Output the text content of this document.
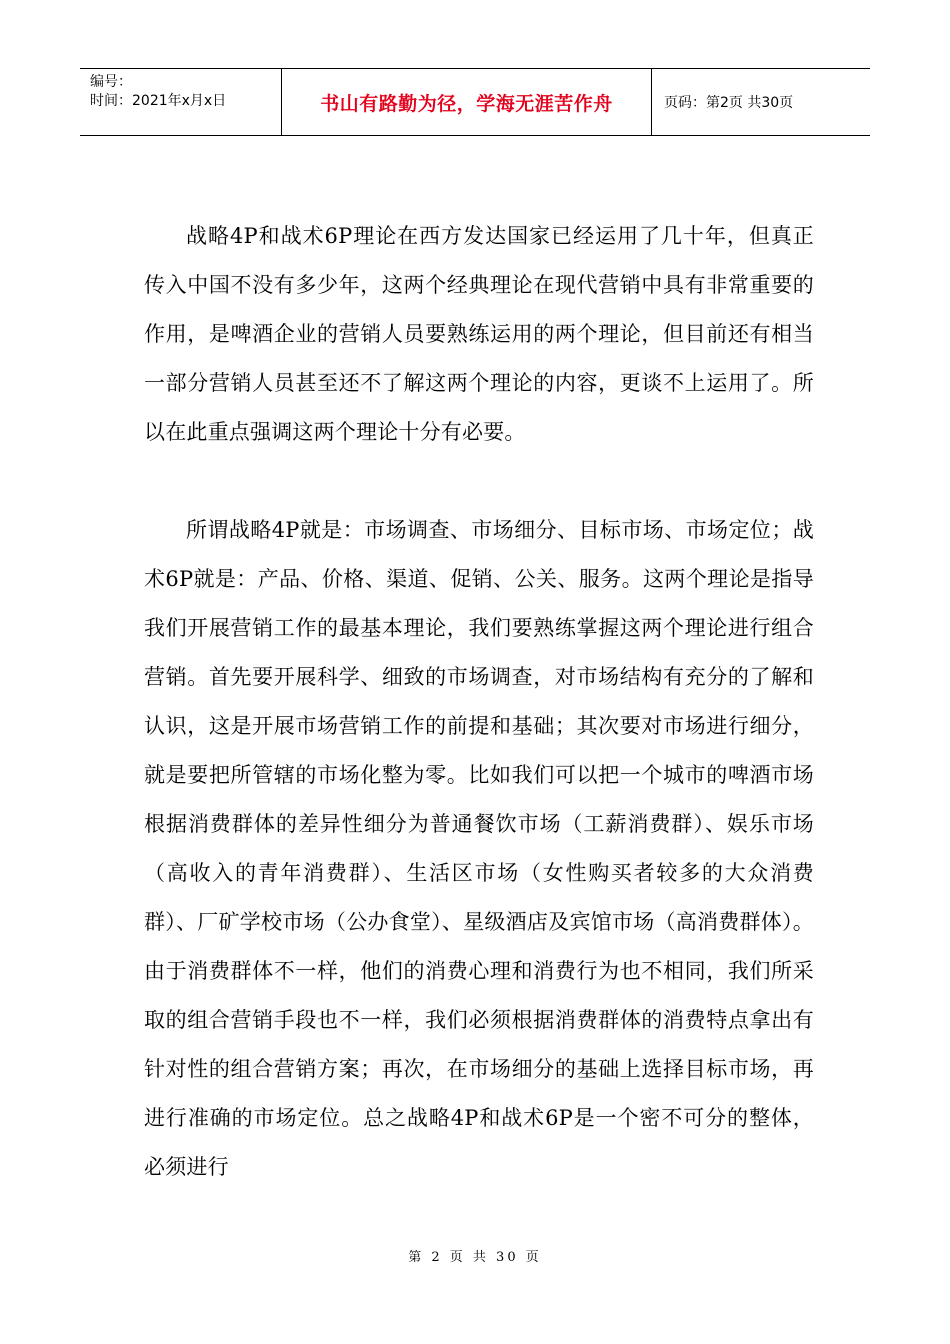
编号：
时间：2021年x月x日	书山有路勤为径，学海无涯苦作舟	页码：第2页 共30页

战略4P和战术6P理论在西方发达国家已经运用了几十年，但真正传入中国不没有多少年，这两个经典理论在现代营销中具有非常重要的作用，是啤酒企业的营销人员要熟练运用的两个理论，但目前还有相当一部分营销人员甚至还不了解这两个理论的内容，更谈不上运用了。所以在此重点强调这两个理论十分有必要。

所谓战略4P就是：市场调查、市场细分、目标市场、市场定位；战术6P就是：产品、价格、渠道、促销、公关、服务。这两个理论是指导我们开展营销工作的最基本理论，我们要熟练掌握这两个理论进行组合营销。首先要开展科学、细致的市场调查，对市场结构有充分的了解和认识，这是开展市场营销工作的前提和基础；其次要对市场进行细分，就是要把所管辖的市场化整为零。比如我们可以把一个城市的啤酒市场根据消费群体的差异性细分为普通餐饮市场（工薪消费群）、娱乐市场（高收入的青年消费群）、生活区市场（女性购买者较多的大众消费群）、厂矿学校市场（公办食堂）、星级酒店及宾馆市场（高消费群体）。由于消费群体不一样，他们的消费心理和消费行为也不相同，我们所采取的组合营销手段也不一样，我们必须根据消费群体的消费特点拿出有针对性的组合营销方案；再次，在市场细分的基础上选择目标市场，再进行准确的市场定位。总之战略4P和战术6P是一个密不可分的整体，必须进行

第 2 页 共 30 页
